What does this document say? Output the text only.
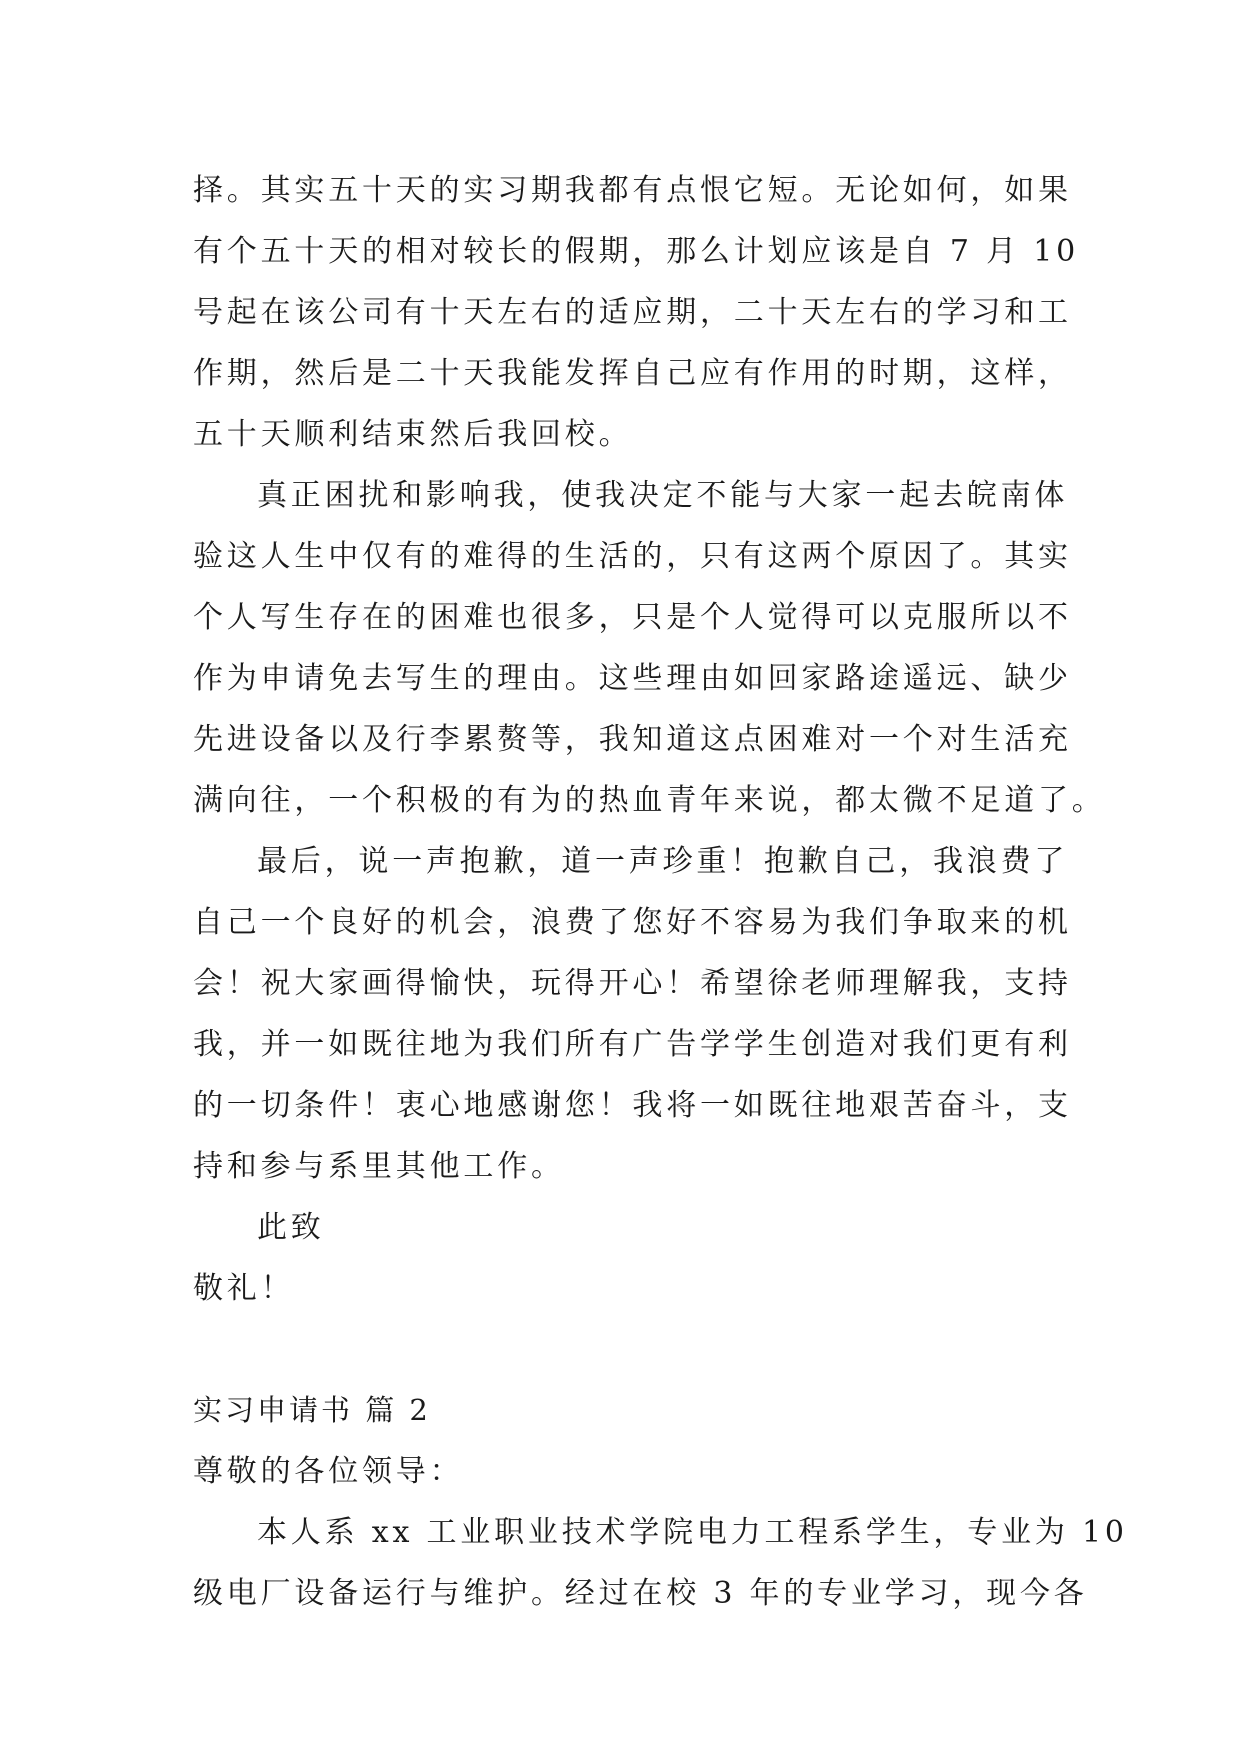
择。其实五十天的实习期我都有点恨它短。无论如何，如果
有个五十天的相对较长的假期，那么计划应该是自 7 月 10
号起在该公司有十天左右的适应期，二十天左右的学习和工
作期，然后是二十天我能发挥自己应有作用的时期，这样，
五十天顺利结束然后我回校。
真正困扰和影响我，使我决定不能与大家一起去皖南体
验这人生中仅有的难得的生活的，只有这两个原因了。其实
个人写生存在的困难也很多，只是个人觉得可以克服所以不
作为申请免去写生的理由。这些理由如回家路途遥远、缺少
先进设备以及行李累赘等，我知道这点困难对一个对生活充
满向往，一个积极的有为的热血青年来说，都太微不足道了。
最后，说一声抱歉，道一声珍重！抱歉自己，我浪费了
自己一个良好的机会，浪费了您好不容易为我们争取来的机
会！祝大家画得愉快，玩得开心！希望徐老师理解我，支持
我，并一如既往地为我们所有广告学学生创造对我们更有利
的一切条件！衷心地感谢您！我将一如既往地艰苦奋斗，支
持和参与系里其他工作。
此致
敬礼！
实习申请书 篇 2
尊敬的各位领导：
本人系 xx 工业职业技术学院电力工程系学生，专业为 10
级电厂设备运行与维护。经过在校 3 年的专业学习，现今各
